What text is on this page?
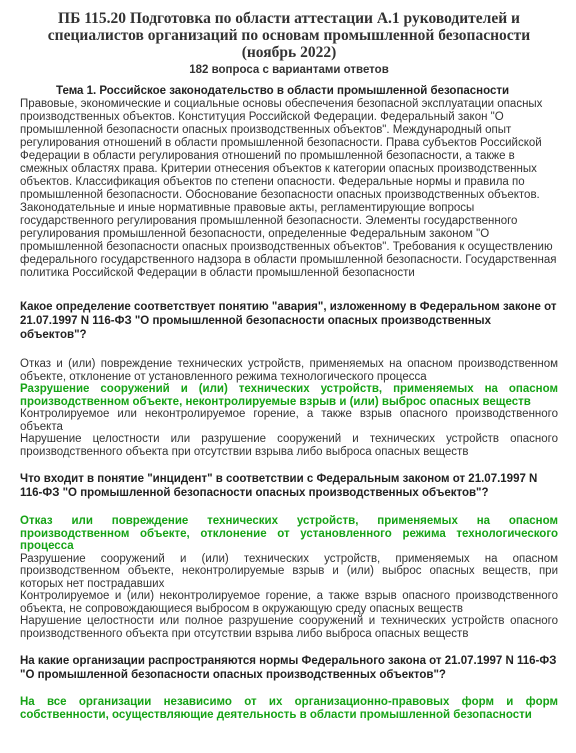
ПБ 115.20 Подготовка по области аттестации А.1 руководителей и специалистов организаций по основам промышленной безопасности (ноябрь 2022)

182 вопроса с вариантами ответов

Тема 1. Российское законодательство в области промышленной безопасности

Правовые, экономические и социальные основы обеспечения безопасной эксплуатации опасных производственных объектов. Конституция Российской Федерации. Федеральный закон "О промышленной безопасности опасных производственных объектов". Международный опыт регулирования отношений в области промышленной безопасности. Права субъектов Российской Федерации в области регулирования отношений по промышленной безопасности, а также в смежных областях права. Критерии отнесения объектов к категории опасных производственных объектов. Классификация объектов по степени опасности. Федеральные нормы и правила по промышленной безопасности. Обоснование безопасности опасных производственных объектов. Законодательные и иные нормативные правовые акты, регламентирующие вопросы государственного регулирования промышленной безопасности. Элементы государственного регулирования промышленной безопасности, определенные Федеральным законом "О промышленной безопасности опасных производственных объектов". Требования к осуществлению федерального государственного надзора в области промышленной безопасности. Государственная политика Российской Федерации в области промышленной безопасности

Какое определение соответствует понятию "авария", изложенному в Федеральном законе от 21.07.1997 N 116-ФЗ "О промышленной безопасности опасных производственных объектов"?

Отказ и (или) повреждение технических устройств, применяемых на опасном производственном объекте, отклонение от установленного режима технологического процесса
Разрушение сооружений и (или) технических устройств, применяемых на опасном производственном объекте, неконтролируемые взрыв и (или) выброс опасных веществ
Контролируемое или неконтролируемое горение, а также взрыв опасного производственного объекта
Нарушение целостности или разрушение сооружений и технических устройств опасного производственного объекта при отсутствии взрыва либо выброса опасных веществ

Что входит в понятие "инцидент" в соответствии с Федеральным законом от 21.07.1997 N 116-ФЗ "О промышленной безопасности опасных производственных объектов"?

Отказ или повреждение технических устройств, применяемых на опасном производственном объекте, отклонение от установленного режима технологического процесса
Разрушение сооружений и (или) технических устройств, применяемых на опасном производственном объекте, неконтролируемые взрыв и (или) выброс опасных веществ, при которых нет пострадавших
Контролируемое и (или) неконтролируемое горение, а также взрыв опасного производственного объекта, не сопровождающиеся выбросом в окружающую среду опасных веществ
Нарушение целостности или полное разрушение сооружений и технических устройств опасного производственного объекта при отсутствии взрыва либо выброса опасных веществ

На какие организации распространяются нормы Федерального закона от 21.07.1997 N 116-ФЗ "О промышленной безопасности опасных производственных объектов"?

На все организации независимо от их организационно-правовых форм и форм собственности, осуществляющие деятельность в области промышленной безопасности
